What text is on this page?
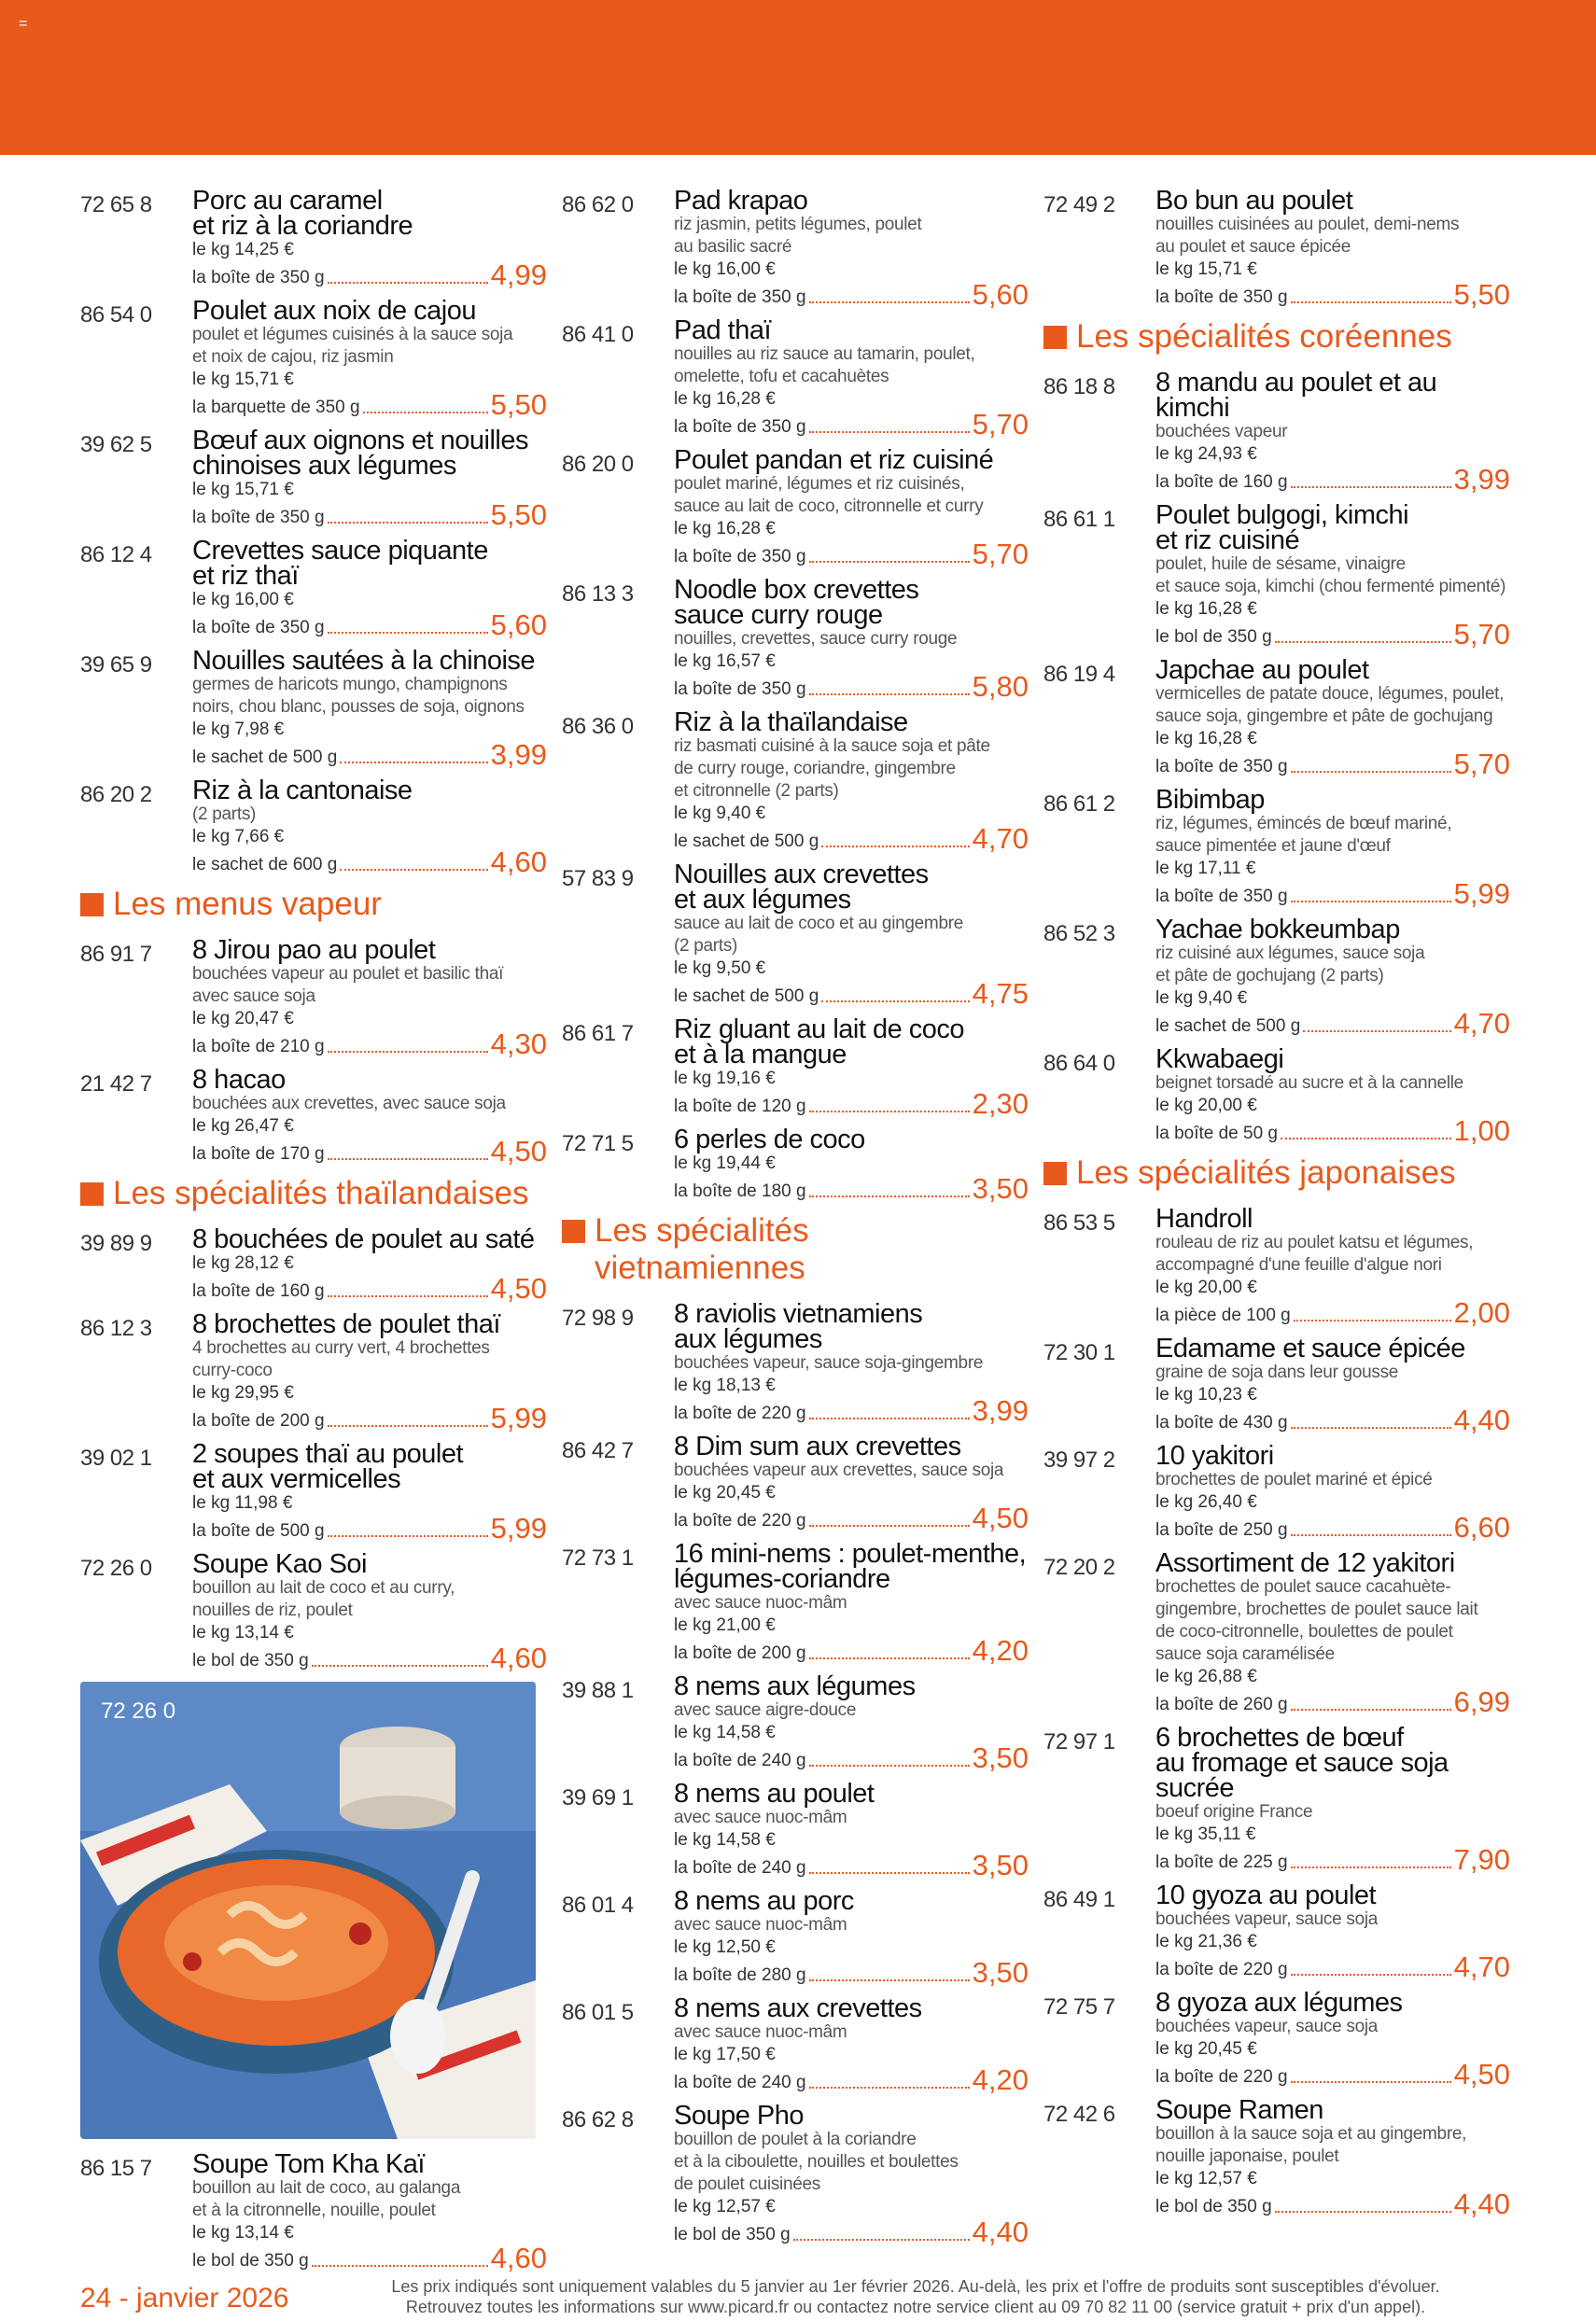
=
72 65 8 Porc au caramel
et riz à la coriandre
le kg 14,25 €
la boîte de 350 g	4,99
86 54 0 Poulet aux noix de cajou
poulet et légumes cuisinés à la sauce soja
et noix de cajou, riz jasmin
le kg 15,71 €
la barquette de 350 g	5,50
39 62 5 Bœuf aux oignons et nouilles
chinoises aux légumes
le kg 15,71 €
la boîte de 350 g	5,50
86 12 4 Crevettes sauce piquante
et riz thaï
le kg 16,00 €
la boîte de 350 g	5,60
39 65 9 Nouilles sautées à la chinoise
germes de haricots mungo, champignons
noirs, chou blanc, pousses de soja, oignons
le kg 7,98 €
le sachet de 500 g	3,99
86 20 2 Riz à la cantonaise
(2 parts)
le kg 7,66 €
le sachet de 600 g	4,60
Les menus vapeur
86 91 7 8 Jirou pao au poulet
bouchées vapeur au poulet et basilic thaï
avec sauce soja
le kg 20,47 €
la boîte de 210 g	4,30
21 42 7 8 hacao
bouchées aux crevettes, avec sauce soja
le kg 26,47 €
la boîte de 170 g	4,50
Les spécialités thaïlandaises
39 89 9 8 bouchées de poulet au saté
le kg 28,12 €
la boîte de 160 g	4,50
86 12 3 8 brochettes de poulet thaï
4 brochettes au curry vert, 4 brochettes
curry-coco
le kg 29,95 €
la boîte de 200 g	5,99
39 02 1 2 soupes thaï au poulet
et aux vermicelles
le kg 11,98 €
la boîte de 500 g	5,99
72 26 0 Soupe Kao Soi
bouillon au lait de coco et au curry,
nouilles de riz, poulet
le kg 13,14 €
le bol de 350 g	4,60
72 26 0
86 15 7 Soupe Tom Kha Kaï
bouillon au lait de coco, au galanga
et à la citronnelle, nouille, poulet
le kg 13,14 €
le bol de 350 g	4,60
86 62 0 Pad krapao
riz jasmin, petits légumes, poulet
au basilic sacré
le kg 16,00 €
la boîte de 350 g	5,60
86 41 0 Pad thaï
nouilles au riz sauce au tamarin, poulet,
omelette, tofu et cacahuètes
le kg 16,28 €
la boîte de 350 g	5,70
86 20 0 Poulet pandan et riz cuisiné
poulet mariné, légumes et riz cuisinés,
sauce au lait de coco, citronnelle et curry
le kg 16,28 €
la boîte de 350 g	5,70
86 13 3 Noodle box crevettes
sauce curry rouge
nouilles, crevettes, sauce curry rouge
le kg 16,57 €
la boîte de 350 g	5,80
86 36 0 Riz à la thaïlandaise
riz basmati cuisiné à la sauce soja et pâte
de curry rouge, coriandre, gingembre
et citronnelle (2 parts)
le kg 9,40 €
le sachet de 500 g	4,70
57 83 9 Nouilles aux crevettes
et aux légumes
sauce au lait de coco et au gingembre
(2 parts)
le kg 9,50 €
le sachet de 500 g	4,75
86 61 7 Riz gluant au lait de coco
et à la mangue
le kg 19,16 €
la boîte de 120 g	2,30
72 71 5 6 perles de coco
le kg 19,44 €
la boîte de 180 g	3,50
Les spécialités
vietnamiennes
72 98 9 8 raviolis vietnamiens
aux légumes
bouchées vapeur, sauce soja-gingembre
le kg 18,13 €
la boîte de 220 g	3,99
86 42 7 8 Dim sum aux crevettes
bouchées vapeur aux crevettes, sauce soja
le kg 20,45 €
la boîte de 220 g	4,50
72 73 1 16 mini-nems : poulet-menthe,
légumes-coriandre
avec sauce nuoc-mâm
le kg 21,00 €
la boîte de 200 g	4,20
39 88 1 8 nems aux légumes
avec sauce aigre-douce
le kg 14,58 €
la boîte de 240 g	3,50
39 69 1 8 nems au poulet
avec sauce nuoc-mâm
le kg 14,58 €
la boîte de 240 g	3,50
86 01 4 8 nems au porc
avec sauce nuoc-mâm
le kg 12,50 €
la boîte de 280 g	3,50
86 01 5 8 nems aux crevettes
avec sauce nuoc-mâm
le kg 17,50 €
la boîte de 240 g	4,20
86 62 8 Soupe Pho
bouillon de poulet à la coriandre
et à la ciboulette, nouilles et boulettes
de poulet cuisinées
le kg 12,57 €
le bol de 350 g	4,40
72 49 2 Bo bun au poulet
nouilles cuisinées au poulet, demi-nems
au poulet et sauce épicée
le kg 15,71 €
la boîte de 350 g	5,50
Les spécialités coréennes
86 18 8 8 mandu au poulet et au kimchi
bouchées vapeur
le kg 24,93 €
la boîte de 160 g	3,99
86 61 1 Poulet bulgogi, kimchi
et riz cuisiné
poulet, huile de sésame, vinaigre
et sauce soja, kimchi (chou fermenté pimenté)
le kg 16,28 €
le bol de 350 g	5,70
86 19 4 Japchae au poulet
vermicelles de patate douce, légumes, poulet,
sauce soja, gingembre et pâte de gochujang
le kg 16,28 €
la boîte de 350 g	5,70
86 61 2 Bibimbap
riz, légumes, émincés de bœuf mariné,
sauce pimentée et jaune d'œuf
le kg 17,11 €
la boîte de 350 g	5,99
86 52 3 Yachae bokkeumbap
riz cuisiné aux légumes, sauce soja
et pâte de gochujang (2 parts)
le kg 9,40 €
le sachet de 500 g	4,70
86 64 0 Kkwabaegi
beignet torsadé au sucre et à la cannelle
le kg 20,00 €
la boîte de 50 g	1,00
Les spécialités japonaises
86 53 5 Handroll
rouleau de riz au poulet katsu et légumes,
accompagné d'une feuille d'algue nori
le kg 20,00 €
la pièce de 100 g	2,00
72 30 1 Edamame et sauce épicée
graine de soja dans leur gousse
le kg 10,23 €
la boîte de 430 g	4,40
39 97 2 10 yakitori
brochettes de poulet mariné et épicé
le kg 26,40 €
la boîte de 250 g	6,60
72 20 2 Assortiment de 12 yakitori
brochettes de poulet sauce cacahuète-
gingembre, brochettes de poulet sauce lait
de coco-citronnelle, boulettes de poulet
sauce soja caramélisée
le kg 26,88 €
la boîte de 260 g	6,99
72 97 1 6 brochettes de bœuf
au fromage et sauce soja sucrée
boeuf origine France
le kg 35,11 €
la boîte de 225 g	7,90
86 49 1 10 gyoza au poulet
bouchées vapeur, sauce soja
le kg 21,36 €
la boîte de 220 g	4,70
72 75 7 8 gyoza aux légumes
bouchées vapeur, sauce soja
le kg 20,45 €
la boîte de 220 g	4,50
72 42 6 Soupe Ramen
bouillon à la sauce soja et au gingembre,
nouille japonaise, poulet
le kg 12,57 €
le bol de 350 g	4,40
24 - janvier 2026	Les prix indiqués sont uniquement valables du 5 janvier au 1er février 2026. Au-delà, les prix et l'offre de produits sont susceptibles d'évoluer.
Retrouvez toutes les informations sur www.picard.fr ou contactez notre service client au 09 70 82 11 00 (service gratuit + prix d'un appel).
